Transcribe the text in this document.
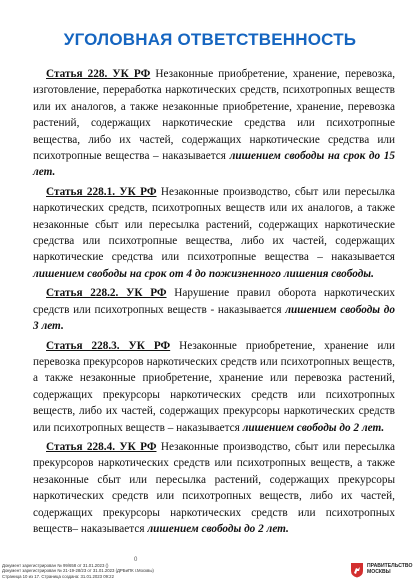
УГОЛОВНАЯ ОТВЕТСТВЕННОСТЬ

Статья 228. УК РФ Незаконные приобретение, хранение, перевозка, изготовление, переработка наркотических средств, психотропных веществ или их аналогов, а также незаконные приобретение, хранение, перевозка растений, содержащих наркотические средства или психотропные вещества, либо их частей, содержащих наркотические средства или психотропные вещества – наказывается лишением свободы на срок до 15 лет.

Статья 228.1. УК РФ Незаконные производство, сбыт или пересылка наркотических средств, психотропных веществ или их аналогов, а также незаконные сбыт или пересылка растений, содержащих наркотические средства или психотропные вещества, либо их частей, содержащих наркотические средства или психотропные вещества – наказывается лишением свободы на срок от 4 до пожизненного лишения свободы.

Статья 228.2. УК РФ Нарушение правил оборота наркотических средств или психотропных веществ - наказывается лишением свободы до 3 лет.

Статья 228.3. УК РФ Незаконные приобретение, хранение или перевозка прекурсоров наркотических средств или психотропных веществ, а также незаконные приобретение, хранение или перевозка растений, содержащих прекурсоры наркотических средств или психотропных веществ, либо их частей, содержащих прекурсоры наркотических средств или психотропных веществ – наказывается лишением свободы до 2 лет.

Статья 228.4. УК РФ Незаконные производство, сбыт или пересылка прекурсоров наркотических средств или психотропных веществ, а также незаконные сбыт или пересылка растений, содержащих прекурсоры наркотических средств или психотропных веществ, либо их частей, содержащих прекурсоры наркотических средств или психотропных веществ– наказывается лишением свободы до 2 лет.

0
Документ зарегистрирован № 99/658 от 31.01.2023 ()
Документ зарегистрирован № 21-19-28/23 от 31.01.2023 (ДРБиПК г.Москвы)
Страница 10 из 17. Страница создана: 31.01.2023 09:22
ПРАВИТЕЛЬСТВО
МОСКВЫ
